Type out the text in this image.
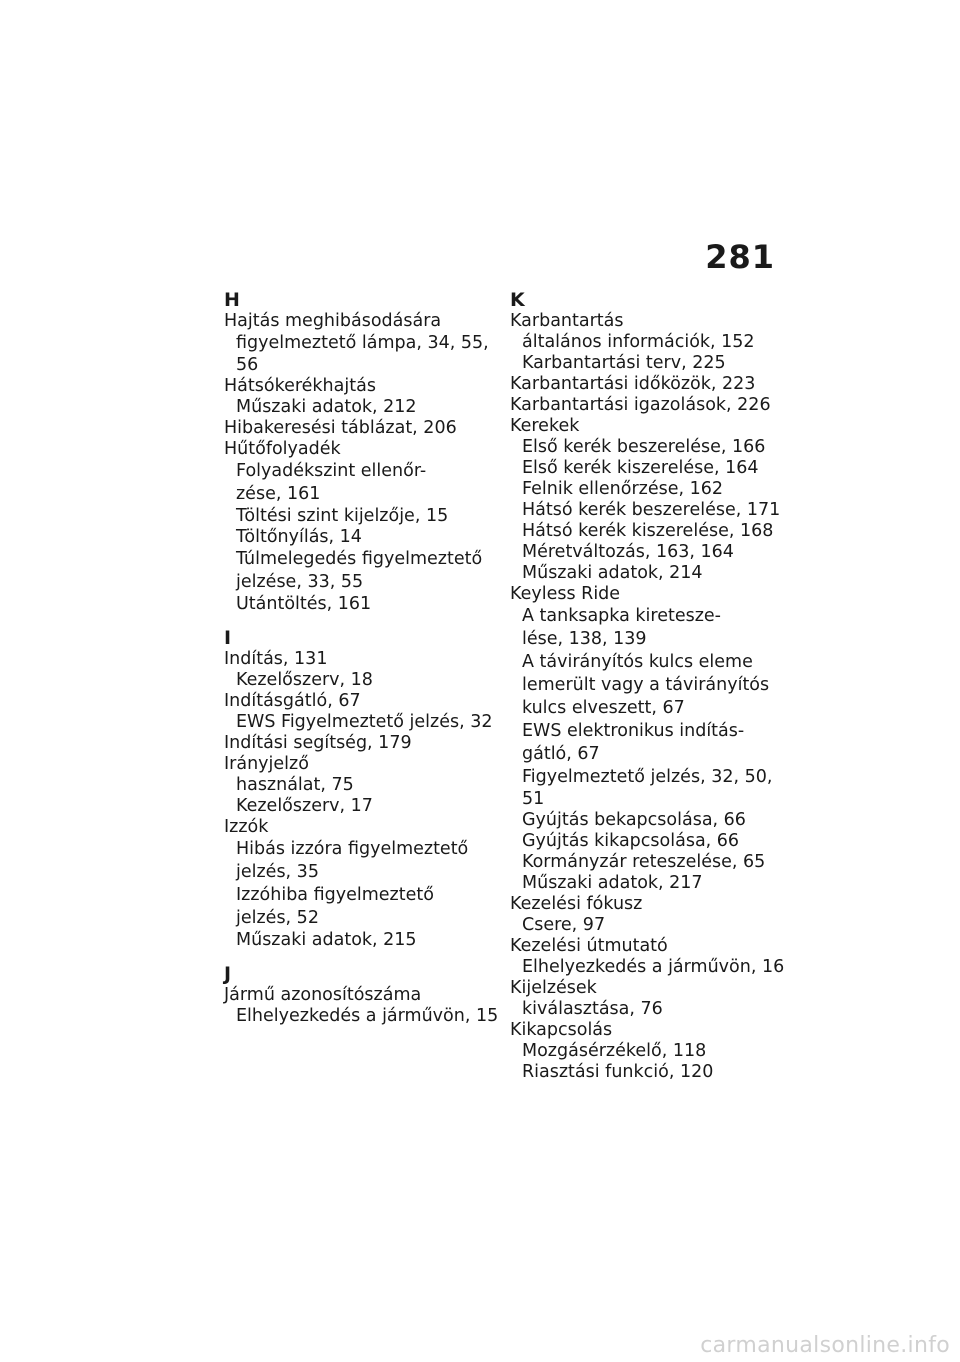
281
H
Hajtás meghibásodására
figyelmeztető lámpa, 34, 55,
56
Hátsókerékhajtás
Műszaki adatok, 212
Hibakeresési táblázat, 206
Hűtőfolyadék
Folyadékszint ellenőr-
zése, 161
Töltési szint kijelzője, 15
Töltőnyílás, 14
Túlmelegedés figyelmeztető
jelzése, 33, 55
Utántöltés, 161
I
Indítás, 131
Kezelőszerv, 18
Indításgátló, 67
EWS Figyelmeztető jelzés, 32
Indítási segítség, 179
Irányjelző
használat, 75
Kezelőszerv, 17
Izzók
Hibás izzóra figyelmeztető
jelzés, 35
Izzóhiba figyelmeztető
jelzés, 52
Műszaki adatok, 215
J
Jármű azonosítószáma
Elhelyezkedés a járművön, 15
K
Karbantartás
általános információk, 152
Karbantartási terv, 225
Karbantartási időközök, 223
Karbantartási igazolások, 226
Kerekek
Első kerék beszerelése, 166
Első kerék kiszerelése, 164
Felnik ellenőrzése, 162
Hátsó kerék beszerelése, 171
Hátsó kerék kiszerelése, 168
Méretváltozás, 163, 164
Műszaki adatok, 214
Keyless Ride
A tanksapka kiretesze-
lése, 138, 139
A távirányítós kulcs eleme
lemerült vagy a távirányítós
kulcs elveszett, 67
EWS elektronikus indítás-
gátló, 67
Figyelmeztető jelzés, 32, 50,
51
Gyújtás bekapcsolása, 66
Gyújtás kikapcsolása, 66
Kormányzár reteszelése, 65
Műszaki adatok, 217
Kezelési fókusz
Csere, 97
Kezelési útmutató
Elhelyezkedés a járművön, 16
Kijelzések
kiválasztása, 76
Kikapcsolás
Mozgásérzékelő, 118
Riasztási funkció, 120
carmanualsonline.info
